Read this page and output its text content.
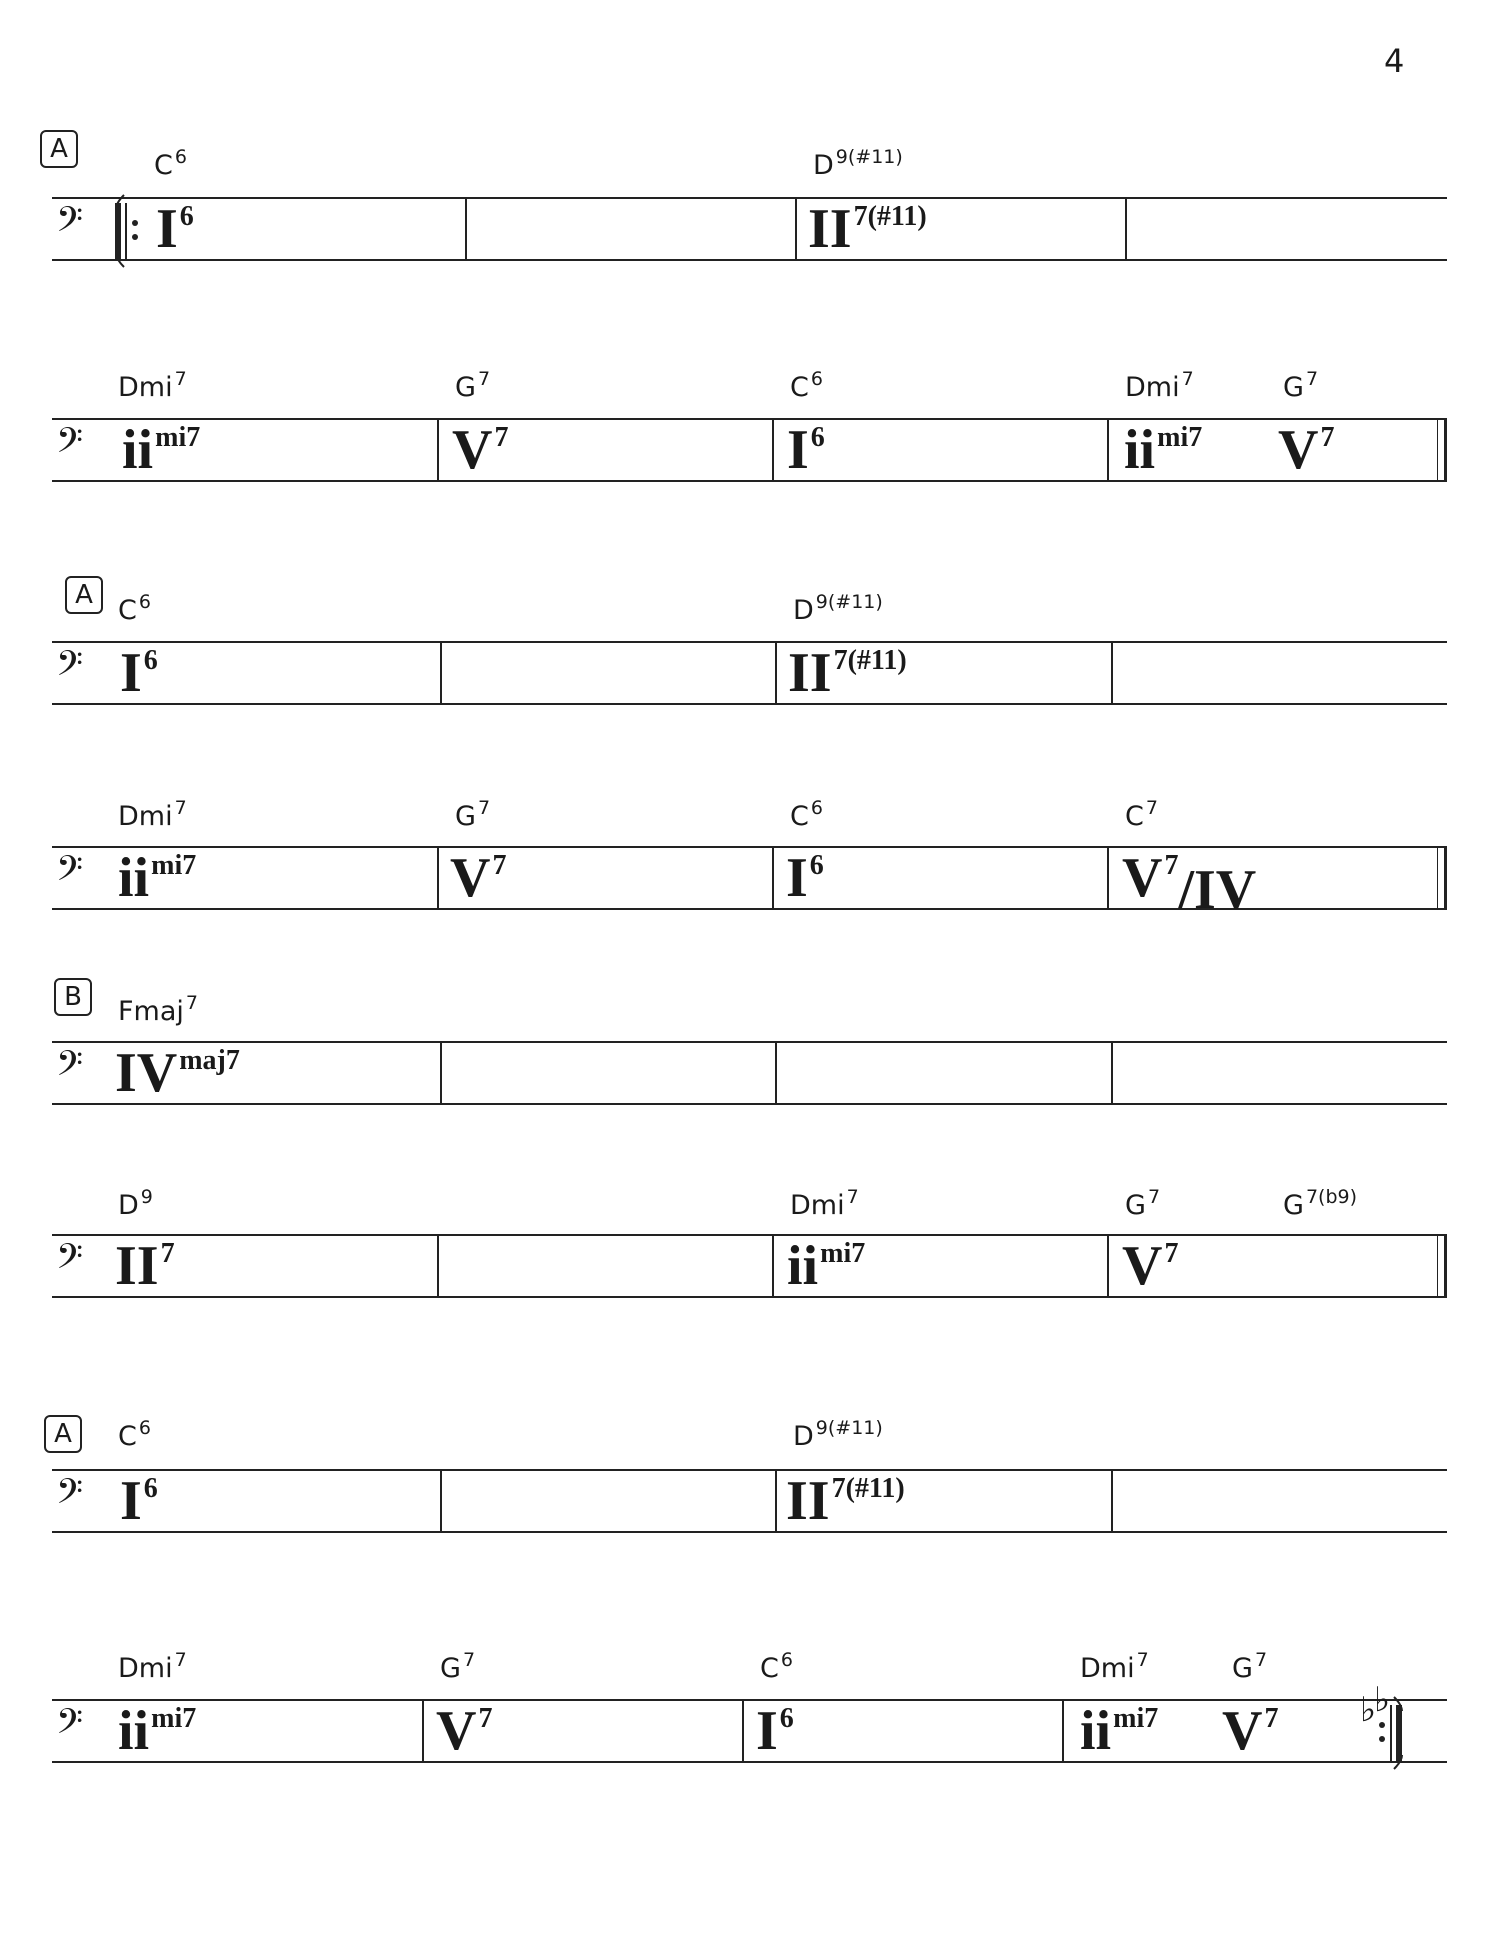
4
A
C $^6$	D $^{9(\#11)}$
𝄢 $I^6$	$II^{7(\#11)}$
Dmi $^7$	G $^7$	C $^6$	Dmi $^7$	G $^7$
𝄢 $ii^{mi7}$	$V^7$	$I^6$	$ii^{mi7}$ $V^7$
A C $^6$	D $^{9(\#11)}$
𝄢 $I^6$	$II^{7(\#11)}$
Dmi $^7$	G $^7$	C $^6$	C $^7$
𝄢 $ii^{mi7}$	$V^7$	$I^6$	$V^7/IV$
B	Fmaj $^7$
𝄢 $IV^{maj7}$
D $^9$	Dmi $^7$	G $^7$	G $^{7(b9)}$
𝄢 $II^7$	$ii^{mi7}$	$V^7$
A	C $^6$	D $^{9(\#11)}$
𝄢 $I^6$	$II^{7(\#11)}$
Dmi $^7$	G $^7$	C $^6$	Dmi $^7$	G $^7$
𝄢	♭
♭
$ii^{mi7}$	$V^7$	$I^6$	$ii^{mi7}$ $V^7$
